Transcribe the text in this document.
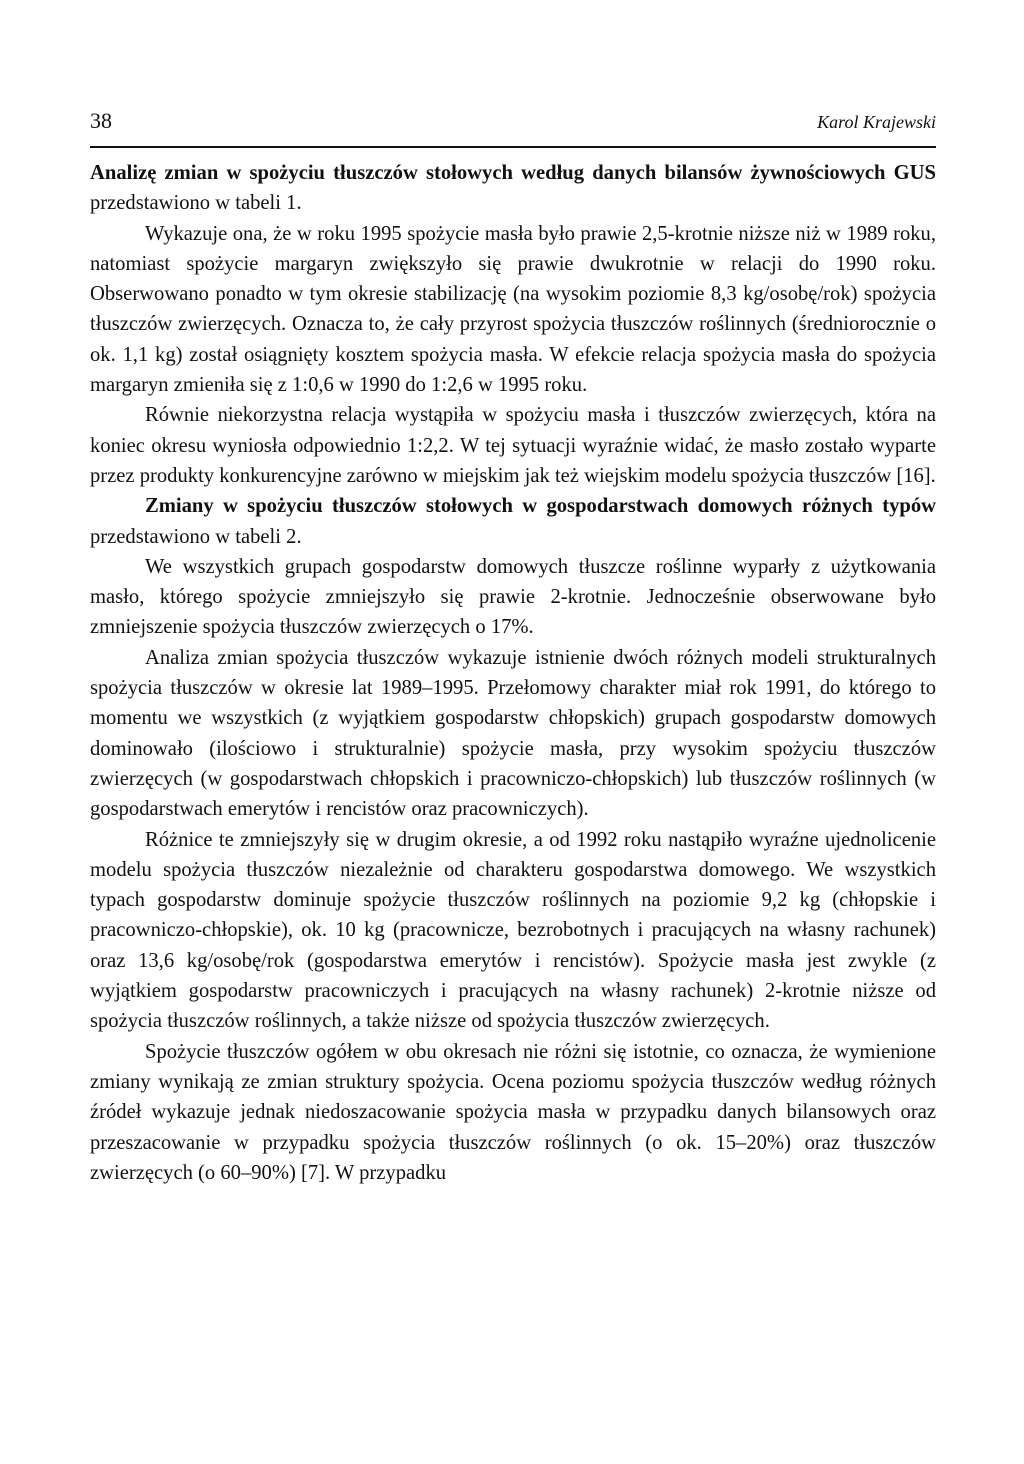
38	Karol Krajewski

Analizę zmian w spożyciu tłuszczów stołowych według danych bilansów żywnościowych GUS przedstawiono w tabeli 1.

Wykazuje ona, że w roku 1995 spożycie masła było prawie 2,5-krotnie niższe niż w 1989 roku, natomiast spożycie margaryn zwiększyło się prawie dwukrotnie w relacji do 1990 roku. Obserwowano ponadto w tym okresie stabilizację (na wysokim poziomie 8,3 kg/osobę/rok) spożycia tłuszczów zwierzęcych. Oznacza to, że cały przyrost spożycia tłuszczów roślinnych (średniorocznie o ok. 1,1 kg) został osiągnięty kosztem spożycia masła. W efekcie relacja spożycia masła do spożycia margaryn zmieniła się z 1:0,6 w 1990 do 1:2,6 w 1995 roku.

Równie niekorzystna relacja wystąpiła w spożyciu masła i tłuszczów zwierzęcych, która na koniec okresu wyniosła odpowiednio 1:2,2. W tej sytuacji wyraźnie widać, że masło zostało wyparte przez produkty konkurencyjne zarówno w miejskim jak też wiejskim modelu spożycia tłuszczów [16].

Zmiany w spożyciu tłuszczów stołowych w gospodarstwach domowych różnych typów przedstawiono w tabeli 2.

We wszystkich grupach gospodarstw domowych tłuszcze roślinne wyparły z użytkowania masło, którego spożycie zmniejszyło się prawie 2-krotnie. Jednocześnie obserwowane było zmniejszenie spożycia tłuszczów zwierzęcych o 17%.

Analiza zmian spożycia tłuszczów wykazuje istnienie dwóch różnych modeli strukturalnych spożycia tłuszczów w okresie lat 1989–1995. Przełomowy charakter miał rok 1991, do którego to momentu we wszystkich (z wyjątkiem gospodarstw chłopskich) grupach gospodarstw domowych dominowało (ilościowo i strukturalnie) spożycie masła, przy wysokim spożyciu tłuszczów zwierzęcych (w gospodarstwach chłopskich i pracowniczo-chłopskich) lub tłuszczów roślinnych (w gospodarstwach emerytów i rencistów oraz pracowniczych).

Różnice te zmniejszyły się w drugim okresie, a od 1992 roku nastąpiło wyraźne ujednolicenie modelu spożycia tłuszczów niezależnie od charakteru gospodarstwa domowego. We wszystkich typach gospodarstw dominuje spożycie tłuszczów roślinnych na poziomie 9,2 kg (chłopskie i pracowniczo-chłopskie), ok. 10 kg (pracownicze, bezrobotnych i pracujących na własny rachunek) oraz 13,6 kg/osobę/rok (gospodarstwa emerytów i rencistów). Spożycie masła jest zwykle (z wyjątkiem gospodarstw pracowniczych i pracujących na własny rachunek) 2-krotnie niższe od spożycia tłuszczów roślinnych, a także niższe od spożycia tłuszczów zwierzęcych.

Spożycie tłuszczów ogółem w obu okresach nie różni się istotnie, co oznacza, że wymienione zmiany wynikają ze zmian struktury spożycia. Ocena poziomu spożycia tłuszczów według różnych źródeł wykazuje jednak niedoszacowanie spożycia masła w przypadku danych bilansowych oraz przeszacowanie w przypadku spożycia tłuszczów roślinnych (o ok. 15–20%) oraz tłuszczów zwierzęcych (o 60–90%) [7]. W przypadku
